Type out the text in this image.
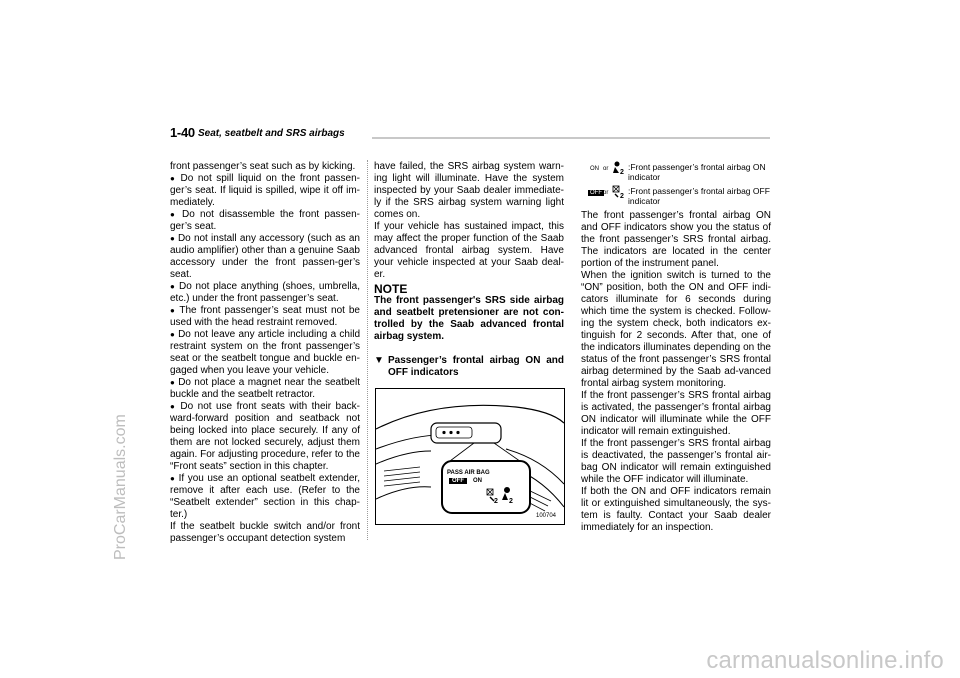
1-40 Seat, seatbelt and SRS airbags
ProCarManuals.com
carmanualsonline.info

front passenger’s seat such as by kicking.

● Do not spill liquid on the front passen-ger’s seat. If liquid is spilled, wipe it off im-mediately.

● Do not disassemble the front passen-ger’s seat.

● Do not install any accessory (such as an audio amplifier) other than a genuine Saab accessory under the front passen-ger’s seat.

● Do not place anything (shoes, umbrella, etc.) under the front passenger’s seat.

● The front passenger’s seat must not be used with the head restraint removed.

● Do not leave any article including a child restraint system on the front passenger’s seat or the seatbelt tongue and buckle en-gaged when you leave your vehicle.

● Do not place a magnet near the seatbelt buckle and the seatbelt retractor.

● Do not use front seats with their back-ward-forward position and seatback not being locked into place securely. If any of them are not locked securely, adjust them again. For adjusting procedure, refer to the “Front seats” section in this chapter.

● If you use an optional seatbelt extender, remove it after each use. (Refer to the “Seatbelt extender” section in this chap-ter.)

If the seatbelt buckle switch and/or front passenger’s occupant detection system

have failed, the SRS airbag system warn-ing light will illuminate. Have the system inspected by your Saab dealer immediate-ly if the SRS airbag system warning light comes on.

If your vehicle has sustained impact, this may affect the proper function of the Saab advanced frontal airbag system. Have your vehicle inspected at your Saab deal-er.

NOTE

The front passenger's SRS side airbag and seatbelt pretensioner are not con-trolled by the Saab advanced frontal airbag system.

▼ Passenger’s frontal airbag ON and OFF indicators

2 2
PASS AIR BAG
OFF	ON
100704
ON or 2
:Front passenger’s frontal airbag ON indicator
OFF or 2
:Front passenger’s frontal airbag OFF indicator

The front passenger’s frontal airbag ON and OFF indicators show you the status of the front passenger’s SRS frontal airbag. The indicators are located in the center portion of the instrument panel.

When the ignition switch is turned to the “ON” position, both the ON and OFF indi-cators illuminate for 6 seconds during which time the system is checked. Follow-ing the system check, both indicators ex-tinguish for 2 seconds. After that, one of the indicators illuminates depending on the status of the front passenger’s SRS frontal airbag determined by the Saab ad-vanced frontal airbag system monitoring.

If the front passenger’s SRS frontal airbag is activated, the passenger’s frontal airbag ON indicator will illuminate while the OFF indicator will remain extinguished.

If the front passenger’s SRS frontal airbag is deactivated, the passenger’s frontal air-bag ON indicator will remain extinguished while the OFF indicator will illuminate.

If both the ON and OFF indicators remain lit or extinguished simultaneously, the sys-tem is faulty. Contact your Saab dealer immediately for an inspection.
